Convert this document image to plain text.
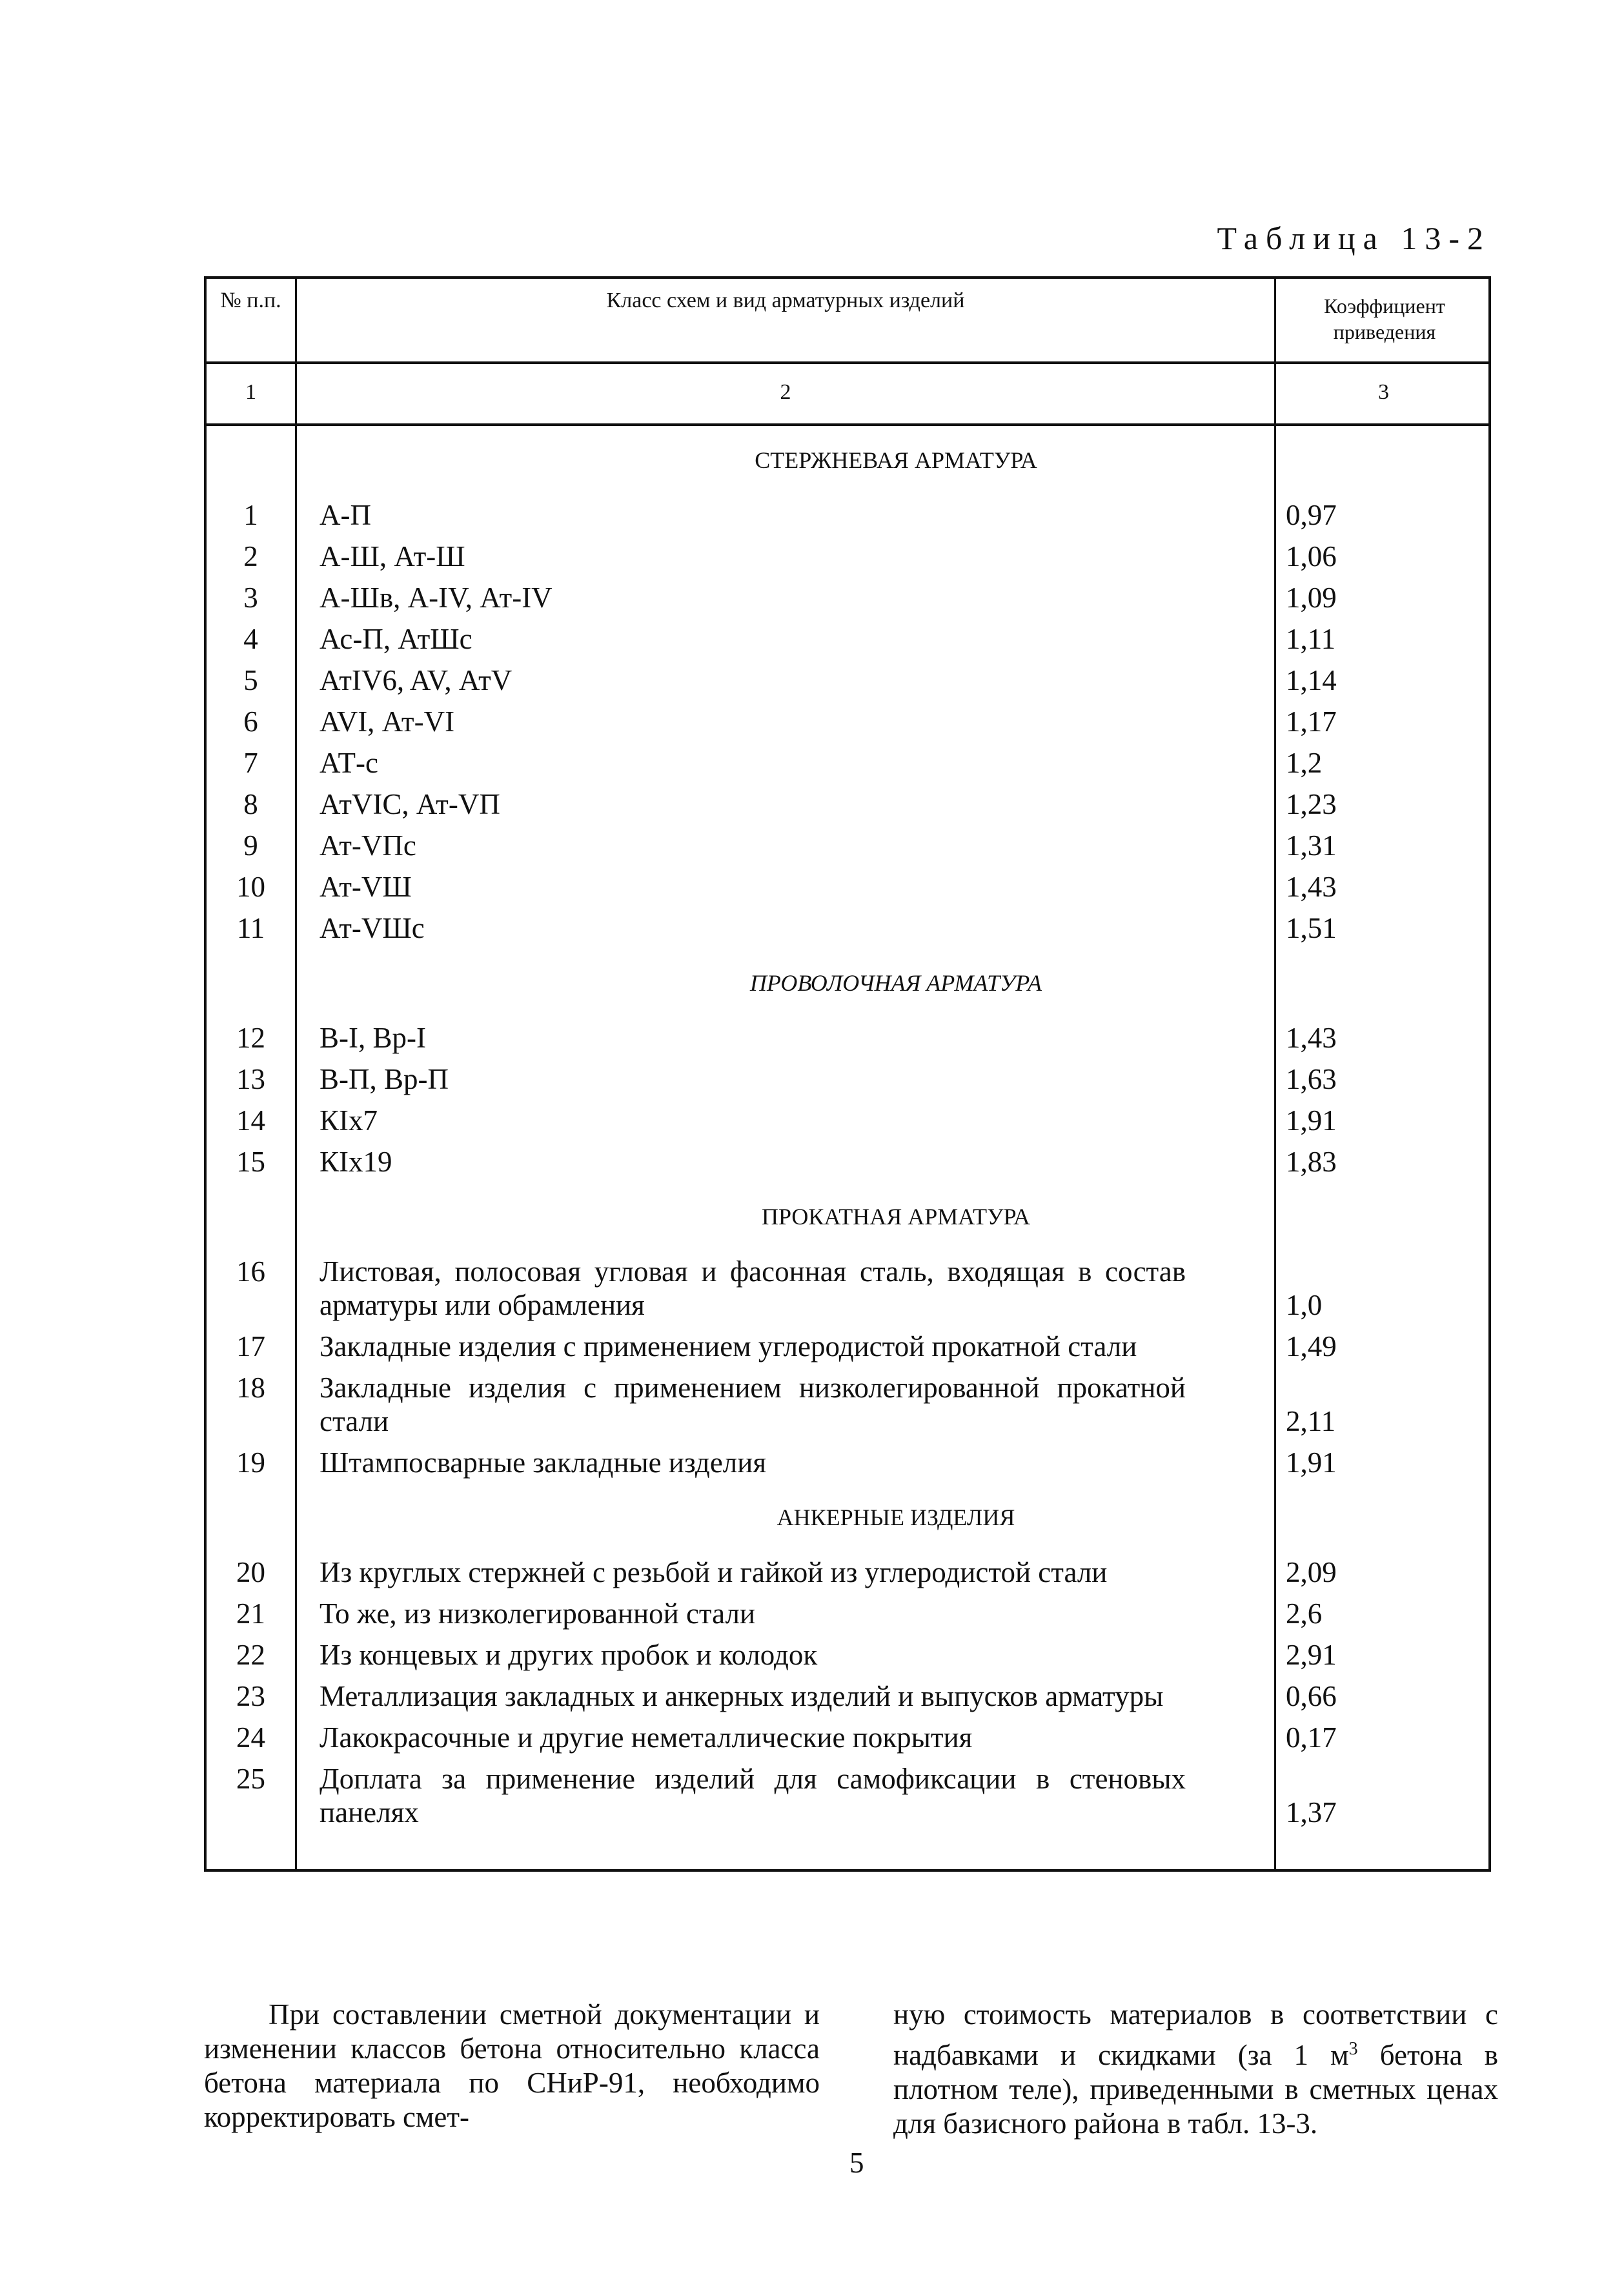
Таблица 13-2
№ п.п.	Класс схем и вид арматурных изделий	Коэффициент приведения
1	2	3
СТЕРЖНЕВАЯ АРМАТУРА
1	А-П	0,97
2	А-Ш, Ат-Ш	1,06
3	А-Шв, А-IV, Ат-IV	1,09
4	Ас-П, АтШс	1,11
5	АтIV6, AV, АтV	1,14
6	AVI, Ат-VI	1,17
7	АТ-с	1,2
8	АтVIС, Ат-VП	1,23
9	Ат-VПс	1,31
10	Ат-VШ	1,43
11	Ат-VШс	1,51
ПРОВОЛОЧНАЯ АРМАТУРА
12	В-I, Вр-I	1,43
13	В-П, Вр-П	1,63
14	КIх7	1,91
15	КIх19	1,83
ПРОКАТНАЯ АРМАТУРА
16	Листовая, полосовая угловая и фасонная сталь, входящая в состав арматуры или обрамления	1,0
17	Закладные изделия с применением углеродистой прокатной стали	1,49
18	Закладные изделия с применением низколегированной прокатной стали	2,11
19	Штампосварные закладные изделия	1,91
АНКЕРНЫЕ ИЗДЕЛИЯ
20	Из круглых стержней с резьбой и гайкой из углеродистой стали	2,09
21	То же, из низколегированной стали	2,6
22	Из концевых и других пробок и колодок	2,91
23	Металлизация закладных и анкерных изделий и выпусков арматуры	0,66
24	Лакокрасочные и другие неметаллические покрытия	0,17
25	Доплата за применение изделий для самофиксации в стеновых панелях	1,37

При составлении сметной документации и изменении классов бетона относительно класса бетона материала по СНиР-91, необходимо корректировать смет-

ную стоимость материалов в соответствии с надбавками и скидками (за 1 $м^3$ бетона в плотном теле), приведенными в сметных ценах для базисного района в табл. 13-3.

5
